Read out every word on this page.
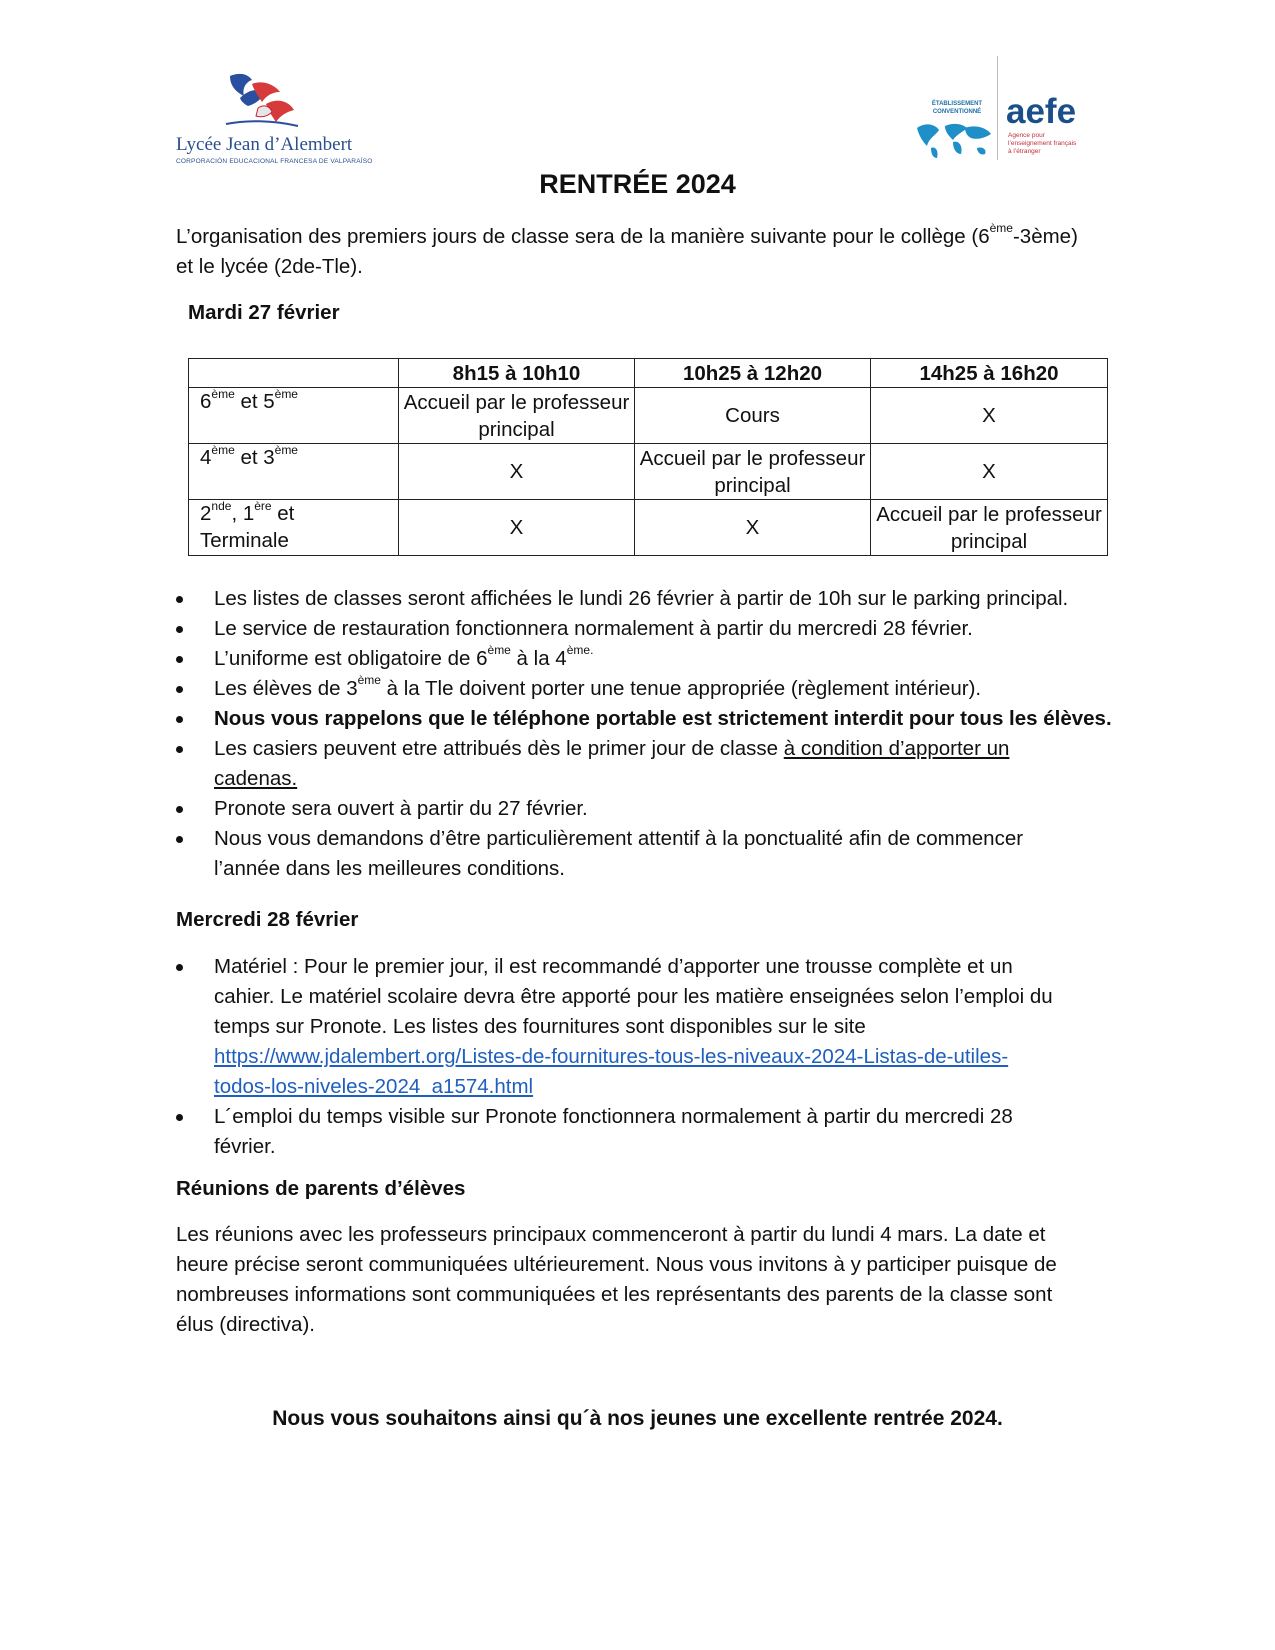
Lycée Jean d’Alembert
CORPORACIÓN EDUCACIONAL FRANCESA DE VALPARAÍSO
ÉTABLISSEMENT
CONVENTIONNÉ aefe
Agence pour
l’enseignement français
à l’étranger
RENTRÉE 2024
L’organisation des premiers jours de classe sera de la manière suivante pour le collège (6ème-3ème)
et le lycée (2de-Tle).
Mardi 27 février
	8h15 à 10h10	10h25 à 12h20	14h25 à 16h20
6ème et 5ème	Accueil par le professeur principal	Cours	X
4ème et 3ème	X	Accueil par le professeur principal	X
2nde, 1ère et
Terminale	X	X	Accueil par le professeur principal
Les listes de classes seront affichées le lundi 26 février à partir de 10h sur le parking principal.
Le service de restauration fonctionnera normalement à partir du mercredi 28 février.
L’uniforme est obligatoire de 6ème à la $4^{ème.}$
Les élèves de 3ème à la Tle doivent porter une tenue appropriée (règlement intérieur).
Nous vous rappelons que le téléphone portable est strictement interdit pour tous les élèves.
Les casiers peuvent etre attribués dès le primer jour de classe à condition d’apporter un
cadenas.
Pronote sera ouvert à partir du 27 février.
Nous vous demandons d’être particulièrement attentif à la ponctualité afin de commencer
l’année dans les meilleures conditions.
Mercredi 28 février
Matériel : Pour le premier jour, il est recommandé d’apporter une trousse complète et un
cahier. Le matériel scolaire devra être apporté pour les matière enseignées selon l’emploi du
temps sur Pronote. Les listes des fournitures sont disponibles sur le site
https://www.jdalembert.org/Listes-de-fournitures-tous-les-niveaux-2024-Listas-de-utiles-
todos-los-niveles-2024_a1574.html
L´emploi du temps visible sur Pronote fonctionnera normalement à partir du mercredi 28
février.
Réunions de parents d’élèves
Les réunions avec les professeurs principaux commenceront à partir du lundi 4 mars. La date et
heure précise seront communiquées ultérieurement. Nous vous invitons à y participer puisque de
nombreuses informations sont communiquées et les représentants des parents de la classe sont
élus (directiva).
Nous vous souhaitons ainsi qu´à nos jeunes une excellente rentrée 2024.
